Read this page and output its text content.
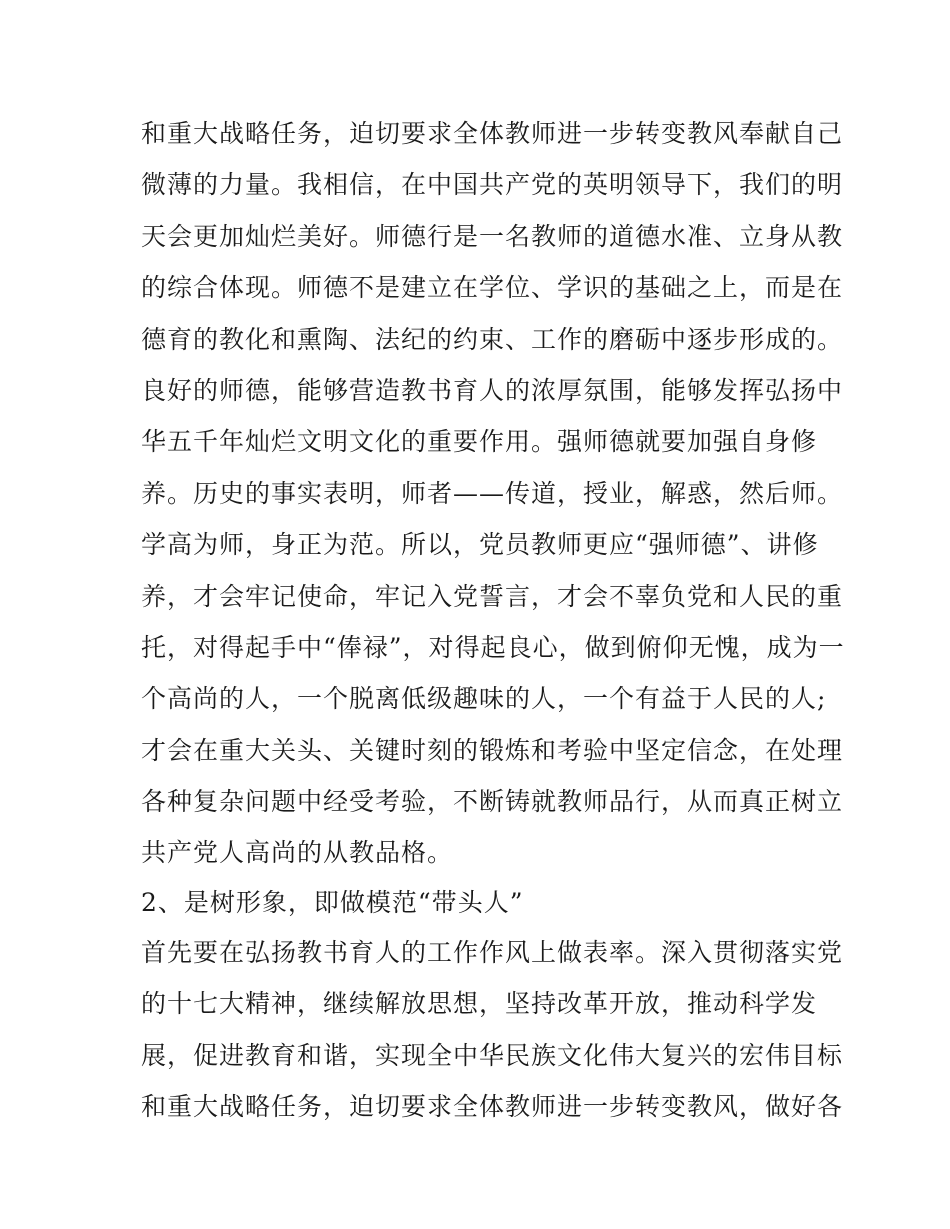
和重大战略任务，迫切要求全体教师进一步转变教风奉献自己
微薄的力量。我相信，在中国共产党的英明领导下，我们的明
天会更加灿烂美好。师德行是一名教师的道德水准、立身从教
的综合体现。师德不是建立在学位、学识的基础之上，而是在
德育的教化和熏陶、法纪的约束、工作的磨砺中逐步形成的。
良好的师德，能够营造教书育人的浓厚氛围，能够发挥弘扬中
华五千年灿烂文明文化的重要作用。强师德就要加强自身修
养。历史的事实表明，师者——传道，授业，解惑，然后师。
学高为师，身正为范。所以，党员教师更应“强师德”、讲修
养，才会牢记使命，牢记入党誓言，才会不辜负党和人民的重
托，对得起手中“俸禄”，对得起良心，做到俯仰无愧，成为一
个高尚的人，一个脱离低级趣味的人，一个有益于人民的人;
才会在重大关头、关键时刻的锻炼和考验中坚定信念，在处理
各种复杂问题中经受考验，不断铸就教师品行，从而真正树立
共产党人高尚的从教品格。
2、是树形象，即做模范“带头人”
首先要在弘扬教书育人的工作作风上做表率。深入贯彻落实党
的十七大精神，继续解放思想，坚持改革开放，推动科学发
展，促进教育和谐，实现全中华民族文化伟大复兴的宏伟目标
和重大战略任务，迫切要求全体教师进一步转变教风，做好各
